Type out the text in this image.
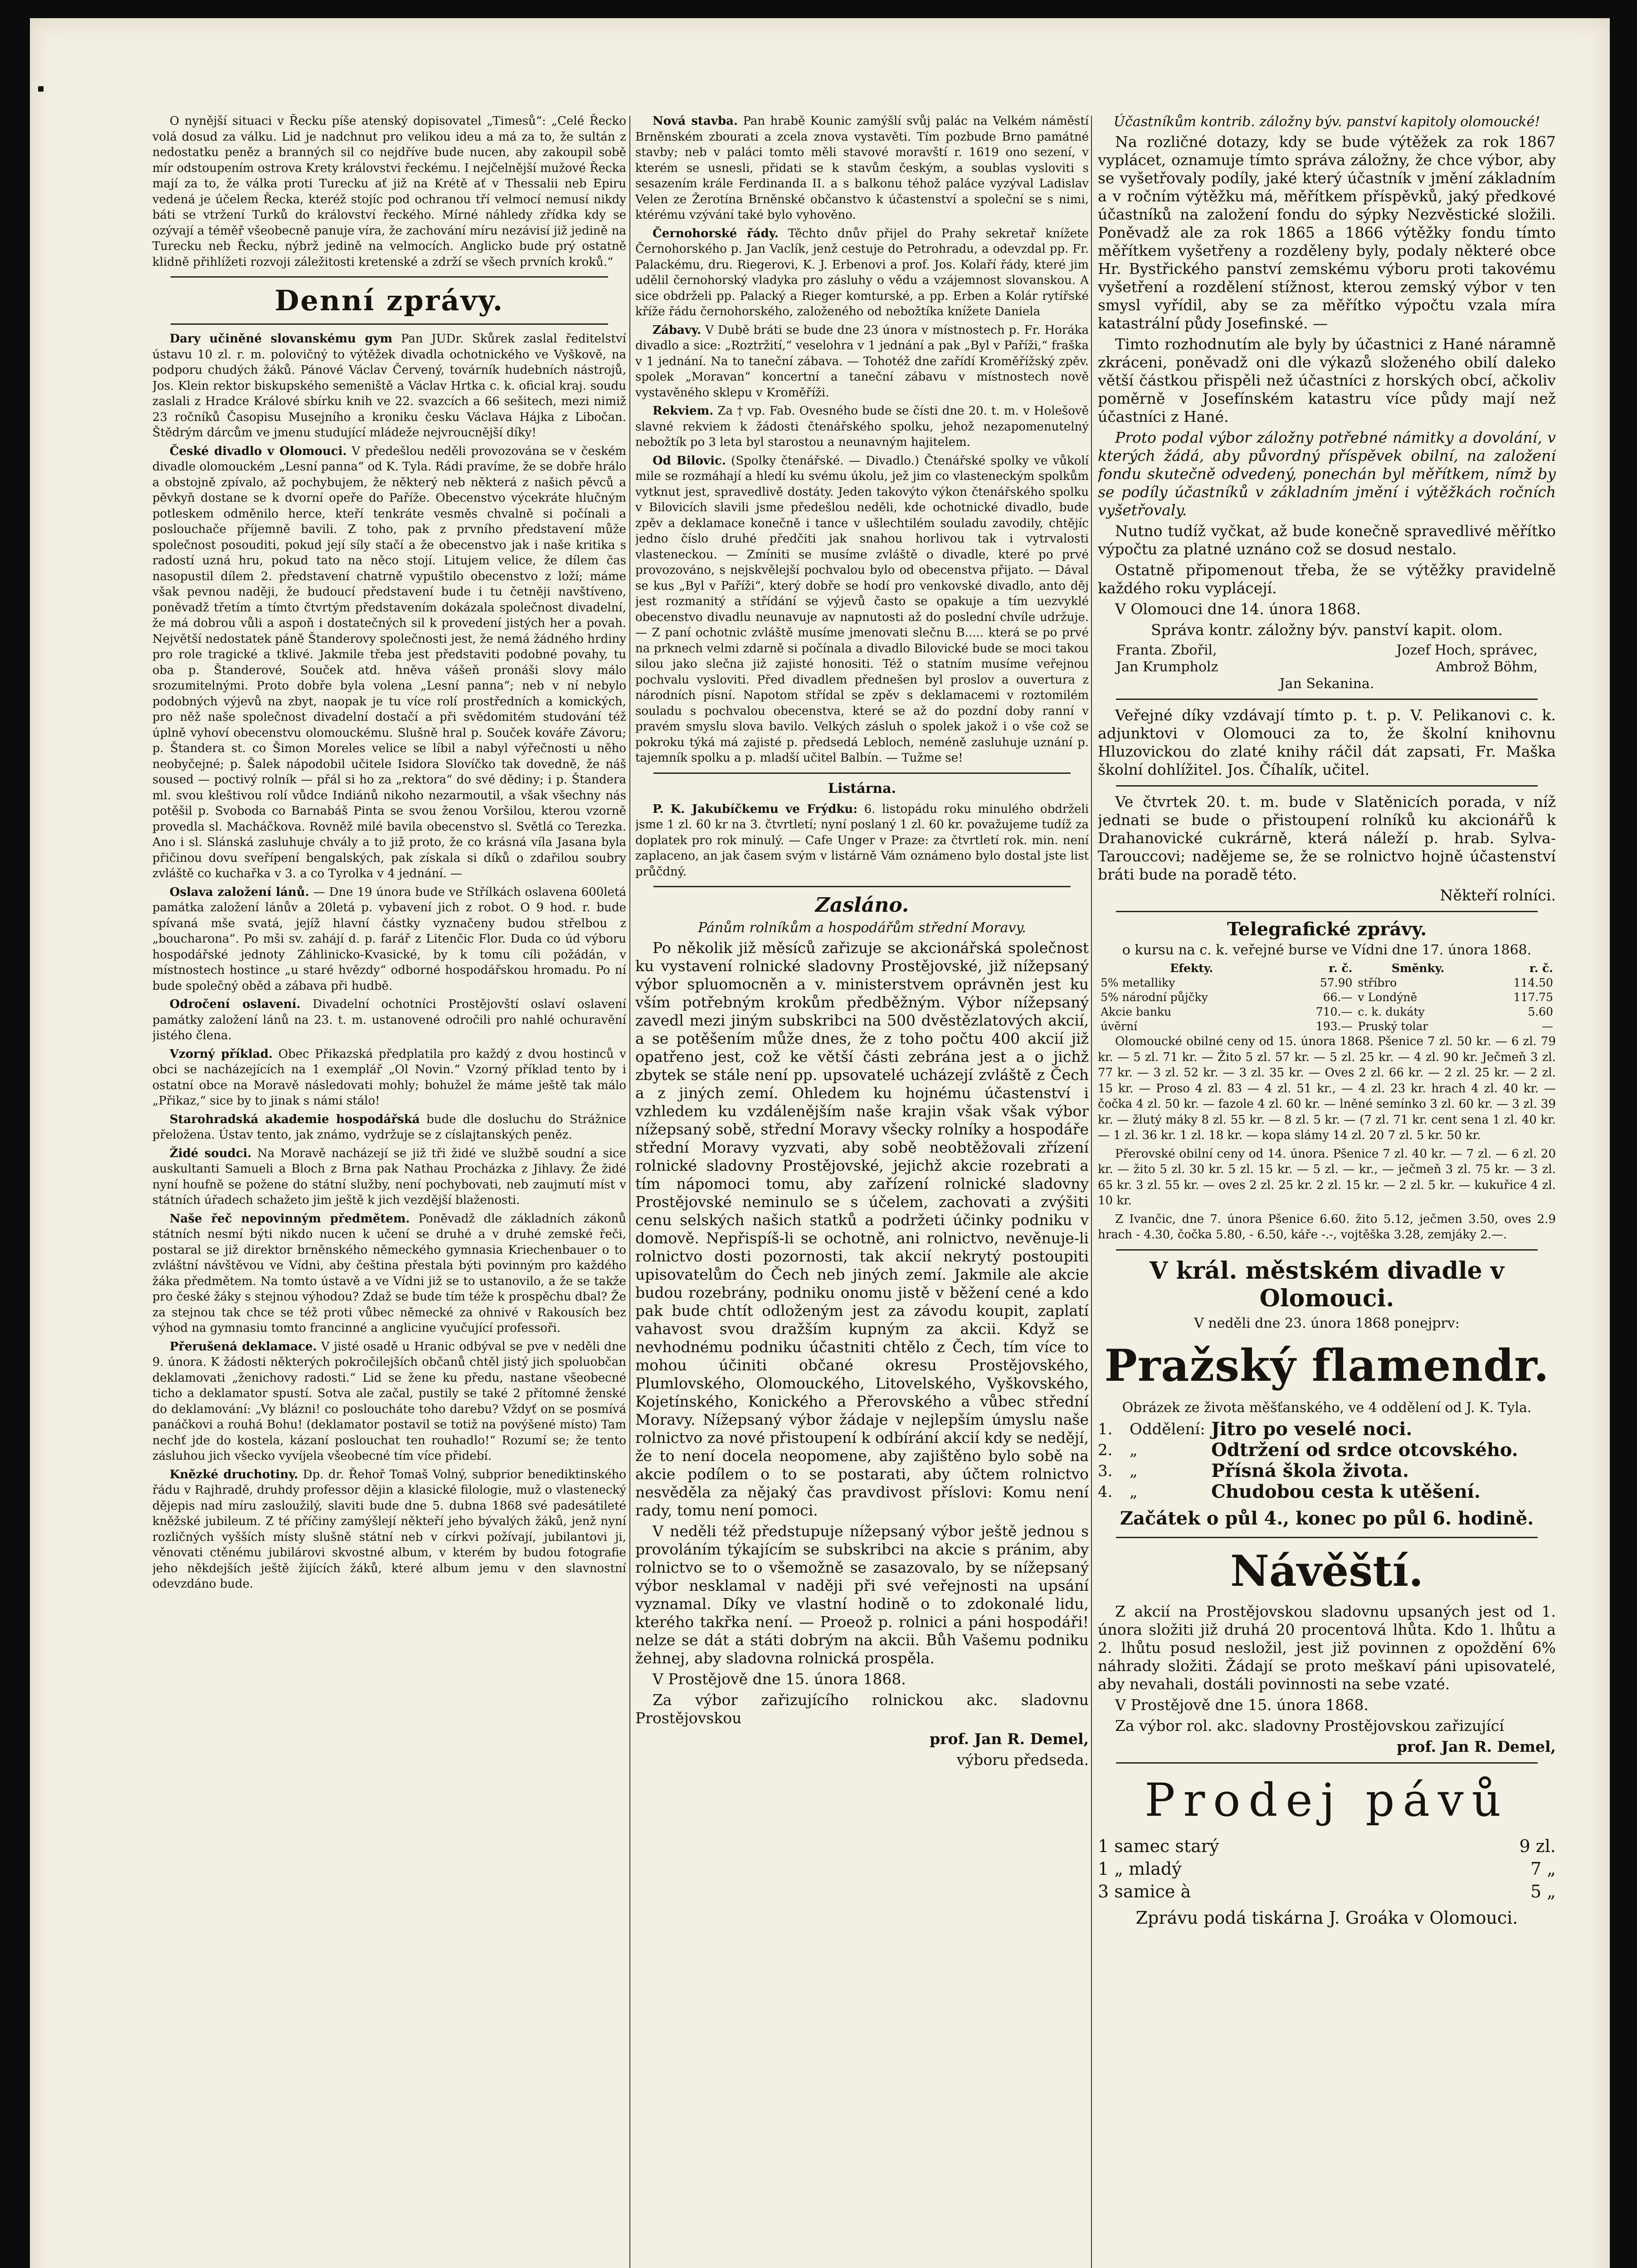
O nynější situaci v Řecku píše atenský dopisovatel „Timesů“: „Celé Řecko volá dosud za válku. Lid je nadchnut pro velikou ideu a má za to, že sultán z nedostatku peněz a branných sil co nejdříve bude nucen, aby zakoupil sobě mír odstoupením ostrova Krety královstvi řeckému. I nejčelnější mužové Řecka mají za to, že válka proti Turecku ať již na Krétě ať v Thessalii neb Epiru vedená je účelem Řecka, kteréž stojíc pod ochranou tří velmocí nemusí nikdy báti se vtržení Turků do království řeckého. Mírné náhledy zřídka kdy se ozývají a téměř všeobecně panuje víra, že zachování míru nezávisí již jedině na Turecku neb Řecku, nýbrž jedině na velmocích. Anglicko bude prý ostatně klidně přihlížeti rozvoji záležitosti kretenské a zdrží se všech prvních kroků.“

Denní zprávy.

Dary učiněné slovanskému gym Pan JUDr. Skůrek zaslal ředitelství ústavu 10 zl. r. m. polovičný to výtěžek divadla ochotnického ve Vyškově, na podporu chudých žáků. Pánové Václav Červený, továrník hudebních nástrojů, Jos. Klein rektor biskupského semeniště a Václav Hrtka c. k. oficial kraj. soudu zaslali z Hradce Králové sbírku knih ve 22. svazcích a 66 sešitech, mezi nimiž 23 ročníků Časopisu Musejního a kroniku česku Václava Hájka z Libočan. Štědrým dárcům ve jmenu studující mládeže nejvroucnější díky!

České divadlo v Olomouci. V předešlou neděli provozována se v českém divadle olomouckém „Lesní panna“ od K. Tyla. Rádi pravíme, že se dobře hrálo a obstojně zpívalo, až pochybujem, že některý neb některá z našich pěvců a pěvkyň dostane se k dvorní opeře do Paříže. Obecenstvo výcekráte hlučným potleskem odměnilo herce, kteří tenkráte vesměs chvalně si počínali a poslouchače příjemně bavili. Z toho, pak z prvního představení může společnost posouditi, pokud její síly stačí a že obecenstvo jak i naše kritika s radostí uzná hru, pokud tato na něco stojí. Litujem velice, že dílem čas nasopustil dílem 2. představení chatrně vypuštilo obecenstvo z loží; máme však pevnou naději, že budoucí představení bude i tu četněji navštíveno, poněvadž třetím a tímto čtvrtým představením dokázala společnost divadelní, že má dobrou vůli a aspoň i dostatečných sil k provedení jistých her a povah. Největší nedostatek páně Štanderovy společnosti jest, že nemá žádného hrdiny pro role tragické a tklivé. Jakmile třeba jest představiti podobné povahy, tu oba p. Štanderové, Souček atd. hněva vášeň pronáši slovy málo srozumitelnými. Proto dobře byla volena „Lesní panna“; neb v ní nebylo podobných výjevů na zbyt, naopak je tu více rolí prostředních a komických, pro něž naše společnost divadelní dostačí a při svědomitém studování též úplně vyhoví obecenstvu olomouckému. Slušně hral p. Souček kováře Závoru; p. Štandera st. co Šimon Moreles velice se líbil a nabyl výřečnosti u něho neobyčejné; p. Šalek nápodobil učitele Isidora Slovíčko tak dovedně, že náš soused — poctivý rolník — přál si ho za „rektora“ do své dědiny; i p. Štandera ml. svou kleštivou rolí vůdce Indiánů nikoho nezarmoutil, a však všechny nás potěšil p. Svoboda co Barnabáš Pinta se svou ženou Voršilou, kterou vzorně provedla sl. Macháčkova. Rovněž milé bavila obecenstvo sl. Světlá co Terezka. Ano i sl. Slánská zasluhuje chvály a to již proto, že co krásná víla Jasana byla přičinou dovu sveřípení bengalských, pak získala si díků o zdařilou soubry zvláště co kuchařka v 3. a co Tyrolka v 4 jednání. —

Oslava založení lánů. — Dne 19 února bude ve Střílkách oslavena 600letá památka založení lánův a 20letá p. vybavení jich z robot. O 9 hod. r. bude spívaná mše svatá, jejíž hlavní částky vyznačeny budou střelbou z „boucharona“. Po mši sv. zahájí d. p. farář z Litenčic Flor. Duda co úd výboru hospodářské jednoty Záhlinicko-Kvasické, by k tomu cíli požádán, v místnostech hostince „u staré hvězdy“ odborné hospodářskou hromadu. Po ní bude společný oběd a zábava při hudbě.

Odročení oslavení. Divadelní ochotníci Prostějovští oslaví oslavení památky založení lánů na 23. t. m. ustanovené odročili pro nahlé ochuravění jistého člena.

Vzorný příklad. Obec Přikazská předplatila pro každý z dvou hostinců v obci se nacházejících na 1 exemplář „Ol Novin.“ Vzorný příklad tento by i ostatní obce na Moravě následovati mohly; bohužel že máme ještě tak málo „Přikaz,“ sice by to jinak s námi stálo!

Starohradská akademie hospodářská bude dle dosluchu do Strážnice přeložena. Ústav tento, jak známo, vydržuje se z císlajtanských peněz.

Židé soudci. Na Moravě nacházejí se již tři židé ve službě soudní a sice auskultanti Samueli a Bloch z Brna pak Nathau Procházka z Jihlavy. Že židé nyní houfně se požene do státní služby, není pochybovati, neb zaujmutí míst v státních úřadech schažeto jim ještě k jich vezdější blaženosti.

Naše řeč nepovinným předmětem. Poněvadž dle základních zákonů státních nesmí býti nikdo nucen k učení se druhé a v druhé zemské řeči, postaral se již direktor brněnského německého gymnasia Kriechenbauer o to zvláštní návštěvou ve Vídni, aby čeština přestala býti povinným pro každého žáka předmětem. Na tomto ústavě a ve Vídni již se to ustanovilo, a že se takže pro české žáky s stejnou výhodou? Zdaž se bude tím téže k prospěchu dbal? Že za stejnou tak chce se též proti vůbec německé za ohnivé v Rakousích bez výhod na gymnasiu tomto francinné a anglicine vyučující professoři.

Přerušená deklamace. V jisté osadě u Hranic odbýval se pve v neděli dne 9. února. K žádosti některých pokročilejších občanů chtěl jistý jich spoluobčan deklamovati „ženichovy radosti.“ Lid se žene ku předu, nastane všeobecné ticho a deklamator spustí. Sotva ale začal, pustily se také 2 přítomné ženské do deklamování: „Vy blázni! co posloucháte toho darebu? Vždyť on se posmívá panáčkovi a rouhá Bohu! (deklamator postavil se totiž na povýšené místo) Tam nechť jde do kostela, kázaní poslouchat ten rouhadlo!“ Rozumí se; že tento zásluhou jich všecko vyvíjela všeobecné tím více přidebí.

Knězké druchotiny. Dp. dr. Řehoř Tomaš Volný, subprior benediktinského řádu v Rajhradě, druhdy professor dějin a klasické filologie, muž o vlastenecký dějepis nad míru zasloužilý, slaviti bude dne 5. dubna 1868 své padesátileté kněžské jubileum. Z té příčiny zamýšlejí někteří jeho bývalých žáků, jenž nyní rozličných vyšších místy slušně státní neb v církvi požívají, jubilantovi ji, věnovati ctěnému jubilárovi skvostné album, v kterém by budou fotografie jeho někdejších ještě žijících žáků, které album jemu v den slavnostní odevzdáno bude.

Nová stavba. Pan hrabě Kounic zamýšlí svůj palác na Velkém náměstí Brněnském zbourati a zcela znova vystavěti. Tím pozbude Brno památné stavby; neb v paláci tomto měli stavové moravští r. 1619 ono sezení, v kterém se usnesli, přidati se k stavům českým, a soublas vysloviti s sesazením krále Ferdinanda II. a s balkonu téhož paláce vyzýval Ladislav Velen ze Žerotína Brněnské občanstvo k účastenství a společní se s nimi, ktérému vzývání také bylo vyhověno.

Černohorské řády. Těchto dnův přijel do Prahy sekretař knížete Černohorského p. Jan Vaclík, jenž cestuje do Petrohradu, a odevzdal pp. Fr. Palackému, dru. Riegerovi, K. J. Erbenovi a prof. Jos. Kolaří řády, které jim udělil černohorský vladyka pro zásluhy o vědu a vzájemnost slovanskou. A sice obdrželi pp. Palacký a Rieger komturské, a pp. Erben a Kolár rytířské kříže řádu černohorského, založeného od nebožtíka knížete Daniela

Zábavy. V Dubě bráti se bude dne 23 února v místnostech p. Fr. Horáka divadlo a sice: „Roztržití,“ veselohra v 1 jednání a pak „Byl v Paříži,“ fraška v 1 jednání. Na to taneční zábava. — Tohotéž dne zařídí Kroměřížský zpěv. spolek „Moravan“ koncertní a taneční zábavu v místnostech nově vystavěného sklepu v Kroměříži.

Rekviem. Za † vp. Fab. Ovesného bude se čísti dne 20. t. m. v Holešově slavné rekviem k žádosti čtenářského spolku, jehož nezapomenutelný nebožtík po 3 leta byl starostou a neunavným hajitelem.

Od Bilovic. (Spolky čtenářské. — Divadlo.) Čtenářské spolky ve vůkolí mile se rozmáhají a hledí ku svému úkolu, jež jim co vlasteneckým spolkům vytknut jest, spravedlivě dostáty. Jeden takovýto výkon čtenářského spolku v Bilovicích slavili jsme předešlou neděli, kde ochotnické divadlo, bude zpěv a deklamace konečně i tance v ušlechtilém souladu zavodily, chtějíc jedno číslo druhé předčiti jak snahou horlivou tak i vytrvalosti vlasteneckou. — Zmíniti se musíme zvláště o divadle, které po prvé provozováno, s nejskvělejší pochvalou bylo od obecenstva přijato. — Dával se kus „Byl v Paříži“, který dobře se hodí pro venkovské divadlo, anto děj jest rozmanitý a střídání se výjevů často se opakuje a tím uezvyklé obecenstvo divadlu neunavuje av napnutosti až do poslední chvíle udržuje. — Z paní ochotnic zvláště musíme jmenovati slečnu B..... která se po prvé na prknech velmi zdarně si počínala a divadlo Bilovické bude se moci takou silou jako slečna již zajisté honositi. Též o statním musíme veřejnou pochvalu vysloviti. Před divadlem přednešen byl proslov a ouvertura z národních písní. Napotom střídal se zpěv s deklamacemi v roztomilém souladu s pochvalou obecenstva, které se až do pozdní doby ranní v pravém smyslu slova bavilo. Velkých zásluh o spolek jakož i o vše což se pokroku týká má zajisté p. předsedá Lebloch, neméně zasluhuje uznání p. tajemník spolku a p. mladší učitel Balbín. — Tužme se!

Listárna.

P. K. Jakubíčkemu ve Frýdku: 6. listopádu roku minulého obdrželi jsme 1 zl. 60 kr na 3. čtvrtletí; nyní poslaný 1 zl. 60 kr. považujeme tudíž za doplatek pro rok minulý. — Cafe Unger v Praze: za čtvrtletí rok. min. není zaplaceno, an jak časem svým v listárně Vám oznámeno bylo dostal jste list průčdný.

Zasláno.

Pánům rolníkům a hospodářům střední Moravy.

Po několik již měsíců zařizuje se akcionářská společnost ku vystavení rolnické sladovny Prostějovské, již nížepsaný výbor spluomocněn a v. ministerstvem oprávněn jest ku vším potřebným krokům předběžným. Výbor nížepsaný zavedl mezi jiným subskribci na 500 dvěstězlatových akcií, a se potěšením může dnes, že z toho počtu 400 akcií již opatřeno jest, což ke větší části zebrána jest a o jichž zbytek se stále není pp. upsovatelé ucházejí zvláště z Čech a z jiných zemí. Ohledem ku hojnému účastenství i vzhledem ku vzdálenějším naše krajin však však výbor nížepsaný sobě, střední Moravy všecky rolníky a hospodáře střední Moravy vyzvati, aby sobě neobtěžovali zřízení rolnické sladovny Prostějovské, jejichž akcie rozebrati a tím nápomoci tomu, aby zařízení rolnické sladovny Prostějovské neminulo se s účelem, zachovati a zvýšiti cenu selských našich statků a podržeti účinky podniku v domově. Nepřispíš-li se ochotně, ani rolnictvo, nevěnuje-li rolnictvo dosti pozornosti, tak akcií nekrytý postoupiti upisovatelům do Čech neb jiných zemí. Jakmile ale akcie budou rozebrány, podniku onomu jistě v běžení cené a kdo pak bude chtít odloženým jest za závodu koupit, zaplatí vahavost svou dražším kupným za akcii. Když se nevhodnému podniku účastniti chtělo z Čech, tím více to mohou účiniti občané okresu Prostějovského, Plumlovského, Olomouckého, Litovelského, Vyškovského, Kojetínského, Konického a Přerovského a vůbec střední Moravy. Nížepsaný výbor žádaje v nejlepším úmyslu naše rolnictvo za nové přistoupení k odbírání akcií kdy se nedějí, že to není docela neopomene, aby zajištěno bylo sobě na akcie podílem o to se postarati, aby účtem rolnictvo nesvěděla za nějaký čas pravdivost příslovi: Komu není rady, tomu není pomoci.

V neděli též předstupuje nížepsaný výbor ještě jednou s provoláním týkajícím se subskribci na akcie s pránim, aby rolnictvo se to o všemožně se zasazovalo, by se nížepsaný výbor nesklamal v naději při své veřejnosti na upsání vyznamal. Díky ve vlastní hodině o to zdokonalé lidu, kterého takřka není. — Proeož p. rolnici a páni hospodáři! nelze se dát a státi dobrým na akcii. Bůh Vašemu podniku žehnej, aby sladovna rolnická prospěla.

V Prostějově dne 15. února 1868.

Za výbor zařizujícího rolnickou akc. sladovnu Prostějovskou

prof. Jan R. Demel,

výboru předseda.

Účastníkům kontrib. záložny býv. panství kapitoly olomoucké!

Na rozličné dotazy, kdy se bude výtěžek za rok 1867 vyplácet, oznamuje tímto správa záložny, že chce výbor, aby se vyšetřovaly podíly, jaké který účastník v jmění základním a v ročním výtěžku má, měřítkem příspěvků, jaký předkové účastníků na založení fondu do sýpky Nezvěstické složili. Poněvadž ale za rok 1865 a 1866 výtěžky fondu tímto měřítkem vyšetřeny a rozděleny byly, podaly některé obce Hr. Bystřického panství zemskému výboru proti takovému vyšetření a rozdělení stížnost, kterou zemský výbor v ten smysl vyřídil, aby se za měřítko výpočtu vzala míra katastrální půdy Josefinské. —

Timto rozhodnutím ale byly by účastnici z Hané náramně zkráceni, poněvadž oni dle výkazů složeného obilí daleko větší částkou přispěli než účastníci z horských obcí, ačkoliv poměrně v Josefínském katastru více půdy mají než účastníci z Hané.

Proto podal výbor záložny potřebné námitky a dovolání, v kterých žádá, aby půvordný příspěvek obilní, na založení fondu skutečně odvedený, ponechán byl měřítkem, nímž by se podíly účastníků v základním jmění i výtěžkách ročních vyšetřovaly.

Nutno tudíž vyčkat, až bude konečně spravedlivé měřítko výpočtu za platné uznáno což se dosud nestalo.

Ostatně připomenout třeba, že se výtěžky pravidelně každého roku vyplácejí.

V Olomouci dne 14. února 1868.

Správa kontr. záložny býv. panství kapit. olom.

Franta. Zbořil,	Jozef Hoch, správec,
Jan Krumpholz	Ambrož Böhm,

Jan Sekanina.

Veřejné díky vzdávají tímto p. t. p. V. Pelikanovi c. k. adjunktovi v Olomouci za to, že školní knihovnu Hluzovickou do zlaté knihy ráčil dát zapsati, Fr. Maška školní dohlížitel. Jos. Číhalík, učitel.

Ve čtvrtek 20. t. m. bude v Slatěnicích porada, v níž jednati se bude o přistoupení rolníků ku akcionářů k Drahanovické cukrárně, která náleží p. hrab. Sylva-Tarouccovi; nadějeme se, že se rolnictvo hojně účastenství bráti bude na poradě této.

Někteří rolníci.

Telegrafické zprávy.

o kursu na c. k. veřejné burse ve Vídni dne 17. února 1868.

Efekty.	r. č.	Směnky.	r. č.
5% metalliky	57.90	stříbro	114.50
5% národní půjčky	66.—	v Londýně	117.75
Akcie banku	710.—	c. k. dukáty	5.60
úvěrní	193.—	Pruský tolar	—

Olomoucké obilné ceny od 15. února 1868. Pšenice 7 zl. 50 kr. — 6 zl. 79 kr. — 5 zl. 71 kr. — Žito 5 zl. 57 kr. — 5 zl. 25 kr. — 4 zl. 90 kr. Ječmeň 3 zl. 77 kr. — 3 zl. 52 kr. — 3 zl. 35 kr. — Oves 2 zl. 66 kr. — 2 zl. 25 kr. — 2 zl. 15 kr. — Proso 4 zl. 83 — 4 zl. 51 kr., — 4 zl. 23 kr. hrach 4 zl. 40 kr. — čočka 4 zl. 50 kr. — fazole 4 zl. 60 kr. — lněné semínko 3 zl. 60 kr. — 3 zl. 39 kr. — žlutý máky 8 zl. 55 kr. — 8 zl. 5 kr. — (7 zl. 71 kr. cent sena 1 zl. 40 kr. — 1 zl. 36 kr. 1 zl. 18 kr. — kopa slámy 14 zl. 20 7 zl. 5 kr. 50 kr.

Přerovské obilní ceny od 14. února. Pšenice 7 zl. 40 kr. — 7 zl. — 6 zl. 20 kr. — žito 5 zl. 30 kr. 5 zl. 15 kr. — 5 zl. — kr., — ječmeň 3 zl. 75 kr. — 3 zl. 65 kr. 3 zl. 55 kr. — oves 2 zl. 25 kr. 2 zl. 15 kr. — 2 zl. 5 kr. — kukuřice 4 zl. 10 kr.

Z Ivančic, dne 7. února Pšenice 6.60. žito 5.12, ječmen 3.50, oves 2.9 hrach - 4.30, čočka 5.80, - 6.50, káře -.-, vojtěška 3.28, zemjáky 2.—.

V král. městském divadle v Olomouci.

V neděli dne 23. února 1868 ponejprv:

Pražský flamendr.

Obrázek ze života měšťanského, ve 4 oddělení od J. K. Tyla.

1.	Oddělení: Jitro po veselé noci.
2.	„	Odtržení od srdce otcovského.
3.	„	Přísná škola života.
4.	„	Chudobou cesta k utěšení.

Začátek o půl 4., konec po půl 6. hodině.

Návěští.

Z akcií na Prostějovskou sladovnu upsaných jest od 1. února složiti již druhá 20 procentová lhůta. Kdo 1. lhůtu a 2. lhůtu posud nesložil, jest již povinnen z opoždění 6% náhrady složiti. Žádají se proto meškaví páni upisovatelé, aby nevahali, dostáli povinnosti na sebe vzaté.

V Prostějově dne 15. února 1868.

Za výbor rol. akc. sladovny Prostějovskou zařizující

prof. Jan R. Demel,

Prodej pávů
1 samec starý	9 zl.
1 „ mladý	7 „
3 samice à	5 „

Zprávu podá tiskárna J. Groáka v Olomouci.
